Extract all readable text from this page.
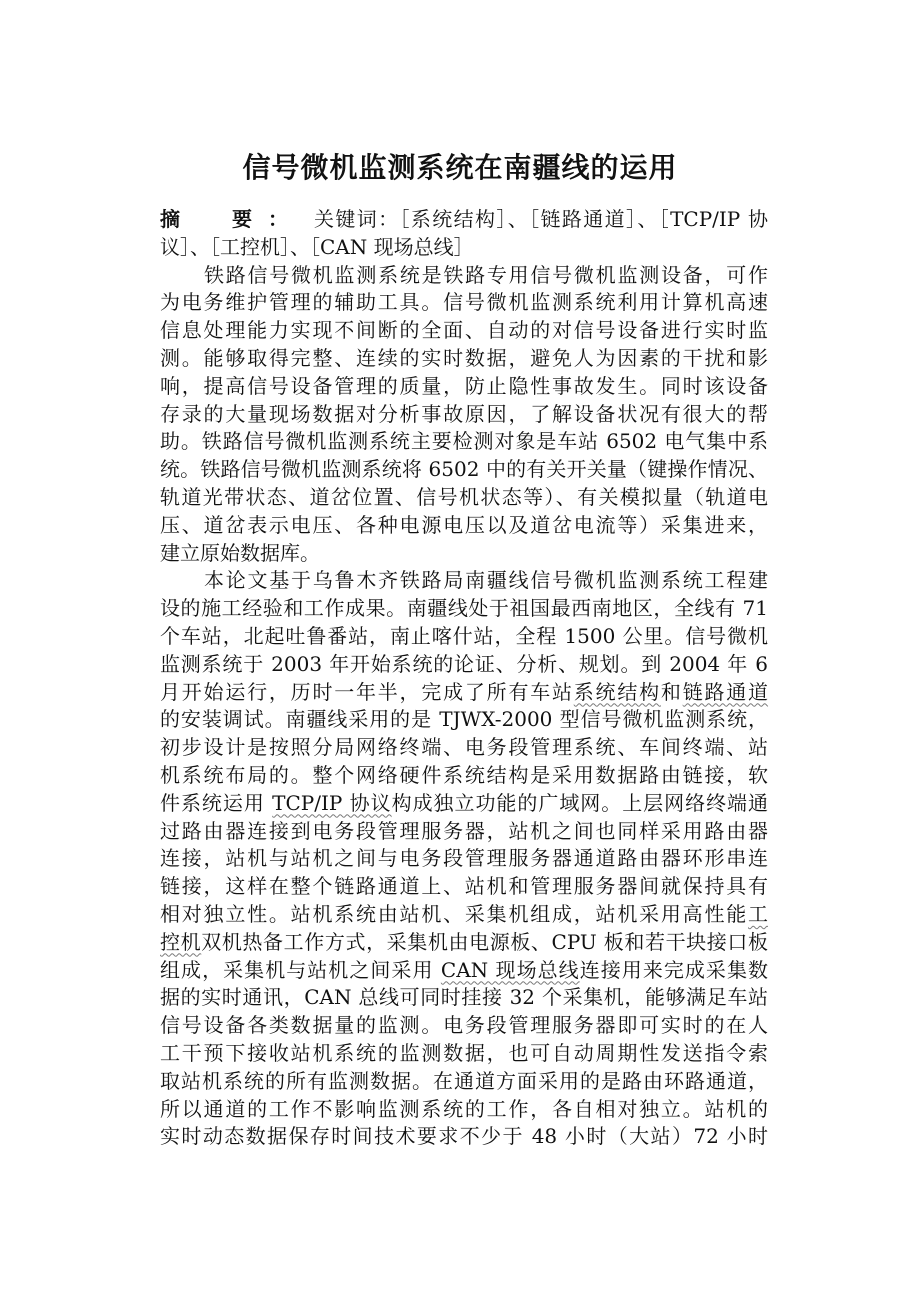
信号微机监测系统在南疆线的运用
摘　要：	关键词：［系统结构］、［链路通道］、［TCP/IP 协
议］、［工控机］、［CAN 现场总线］
铁路信号微机监测系统是铁路专用信号微机监测设备，可作
为电务维护管理的辅助工具。信号微机监测系统利用计算机高速
信息处理能力实现不间断的全面、自动的对信号设备进行实时监
测。能够取得完整、连续的实时数据，避免人为因素的干扰和影
响，提高信号设备管理的质量，防止隐性事故发生。同时该设备
存录的大量现场数据对分析事故原因，了解设备状况有很大的帮
助。铁路信号微机监测系统主要检测对象是车站 6502 电气集中系
统。铁路信号微机监测系统将 6502 中的有关开关量（键操作情况、
轨道光带状态、道岔位置、信号机状态等）、有关模拟量（轨道电
压、道岔表示电压、各种电源电压以及道岔电流等）采集进来，
建立原始数据库。
本论文基于乌鲁木齐铁路局南疆线信号微机监测系统工程建
设的施工经验和工作成果。南疆线处于祖国最西南地区，全线有 71
个车站，北起吐鲁番站，南止喀什站，全程 1500 公里。信号微机
监测系统于 2003 年开始系统的论证、分析、规划。到 2004 年 6
月开始运行，历时一年半，完成了所有车站系统结构和链路通道
的安装调试。南疆线采用的是 TJWX-2000 型信号微机监测系统，
初步设计是按照分局网络终端、电务段管理系统、车间终端、站
机系统布局的。整个网络硬件系统结构是采用数据路由链接，软
件系统运用 TCP/IP 协议构成独立功能的广域网。上层网络终端通
过路由器连接到电务段管理服务器，站机之间也同样采用路由器
连接，站机与站机之间与电务段管理服务器通道路由器环形串连
链接，这样在整个链路通道上、站机和管理服务器间就保持具有
相对独立性。站机系统由站机、采集机组成，站机采用高性能工
控机双机热备工作方式，采集机由电源板、CPU 板和若干块接口板
组成，采集机与站机之间采用 CAN 现场总线连接用来完成采集数
据的实时通讯，CAN 总线可同时挂接 32 个采集机，能够满足车站
信号设备各类数据量的监测。电务段管理服务器即可实时的在人
工干预下接收站机系统的监测数据，也可自动周期性发送指令索
取站机系统的所有监测数据。在通道方面采用的是路由环路通道，
所以通道的工作不影响监测系统的工作，各自相对独立。站机的
实时动态数据保存时间技术要求不少于 48 小时（大站）72 小时
